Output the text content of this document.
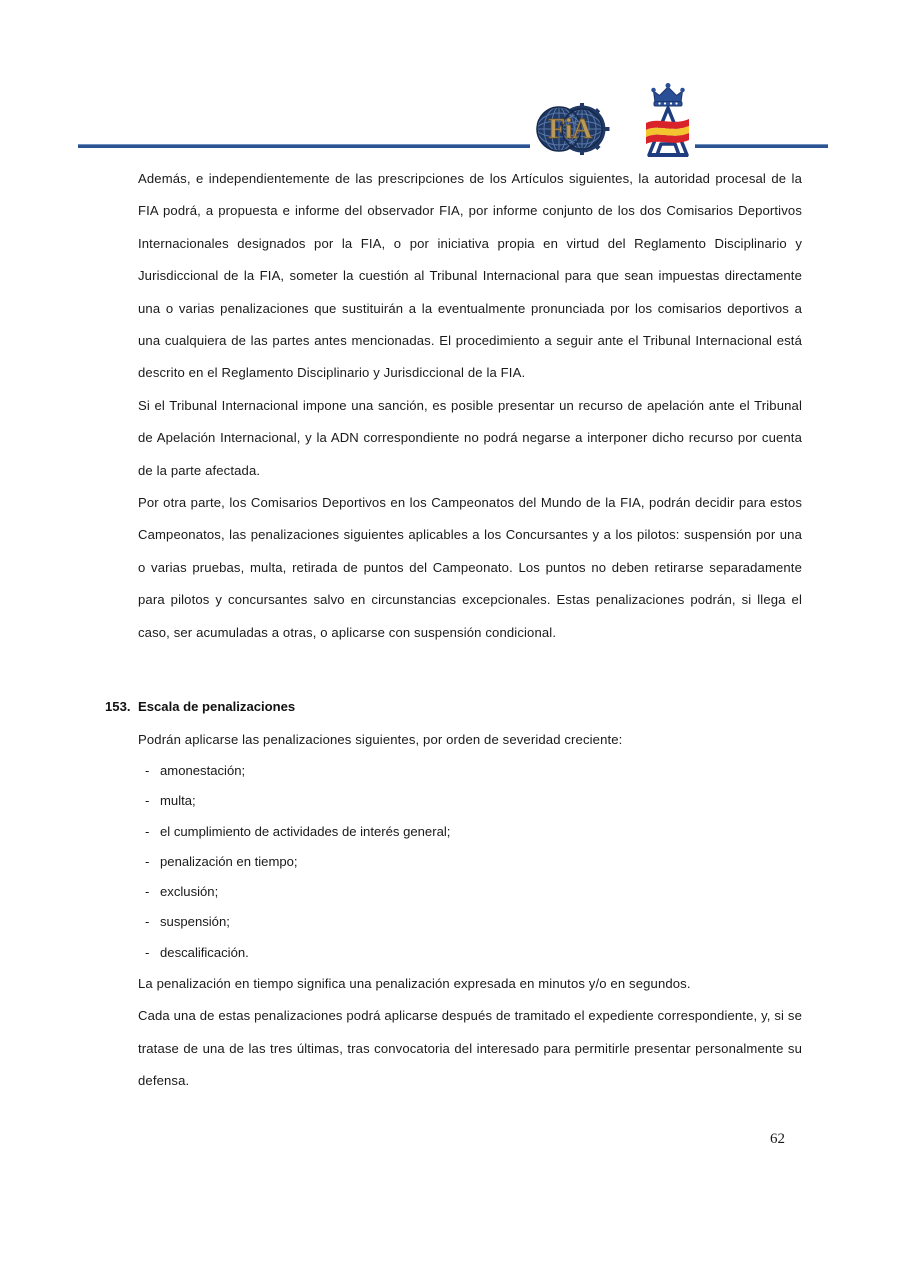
FiA

Además, e independientemente de las prescripciones de los Artículos siguientes, la autoridad procesal de la FIA podrá, a propuesta e informe del observador FIA, por informe conjunto de los dos Comisarios Deportivos Internacionales designados por la FIA, o por iniciativa propia en virtud del Reglamento Disciplinario y Jurisdiccional de la FIA, someter la cuestión al Tribunal Internacional para que sean impuestas directamente una o varias penalizaciones que sustituirán a la eventualmente pronunciada por los comisarios deportivos a una cualquiera de las partes antes mencionadas. El procedimiento a seguir ante el Tribunal Internacional está descrito en el Reglamento Disciplinario y Jurisdiccional de la FIA.

Si el Tribunal Internacional impone una sanción, es posible presentar un recurso de apelación ante el Tribunal de Apelación Internacional, y la ADN correspondiente no podrá negarse a interponer dicho recurso por cuenta de la parte afectada.

Por otra parte, los Comisarios Deportivos en los Campeonatos del Mundo de la FIA, podrán decidir para estos Campeonatos, las penalizaciones siguientes aplicables a los Concursantes y a los pilotos: suspensión por una o varias pruebas, multa, retirada de puntos del Campeonato. Los puntos no deben retirarse separadamente para pilotos y concursantes salvo en circunstancias excepcionales. Estas penalizaciones podrán, si llega el caso, ser acumuladas a otras, o aplicarse con suspensión condicional.

153. Escala de penalizaciones

Podrán aplicarse las penalizaciones siguientes, por orden de severidad creciente:

- amonestación;
- multa;
- el cumplimiento de actividades de interés general;
- penalización en tiempo;
- exclusión;
- suspensión;
- descalificación.

La penalización en tiempo significa una penalización expresada en minutos y/o en segundos.

Cada una de estas penalizaciones podrá aplicarse después de tramitado el expediente correspondiente, y, si se tratase de una de las tres últimas, tras convocatoria del interesado para permitirle presentar personalmente su defensa.

62
